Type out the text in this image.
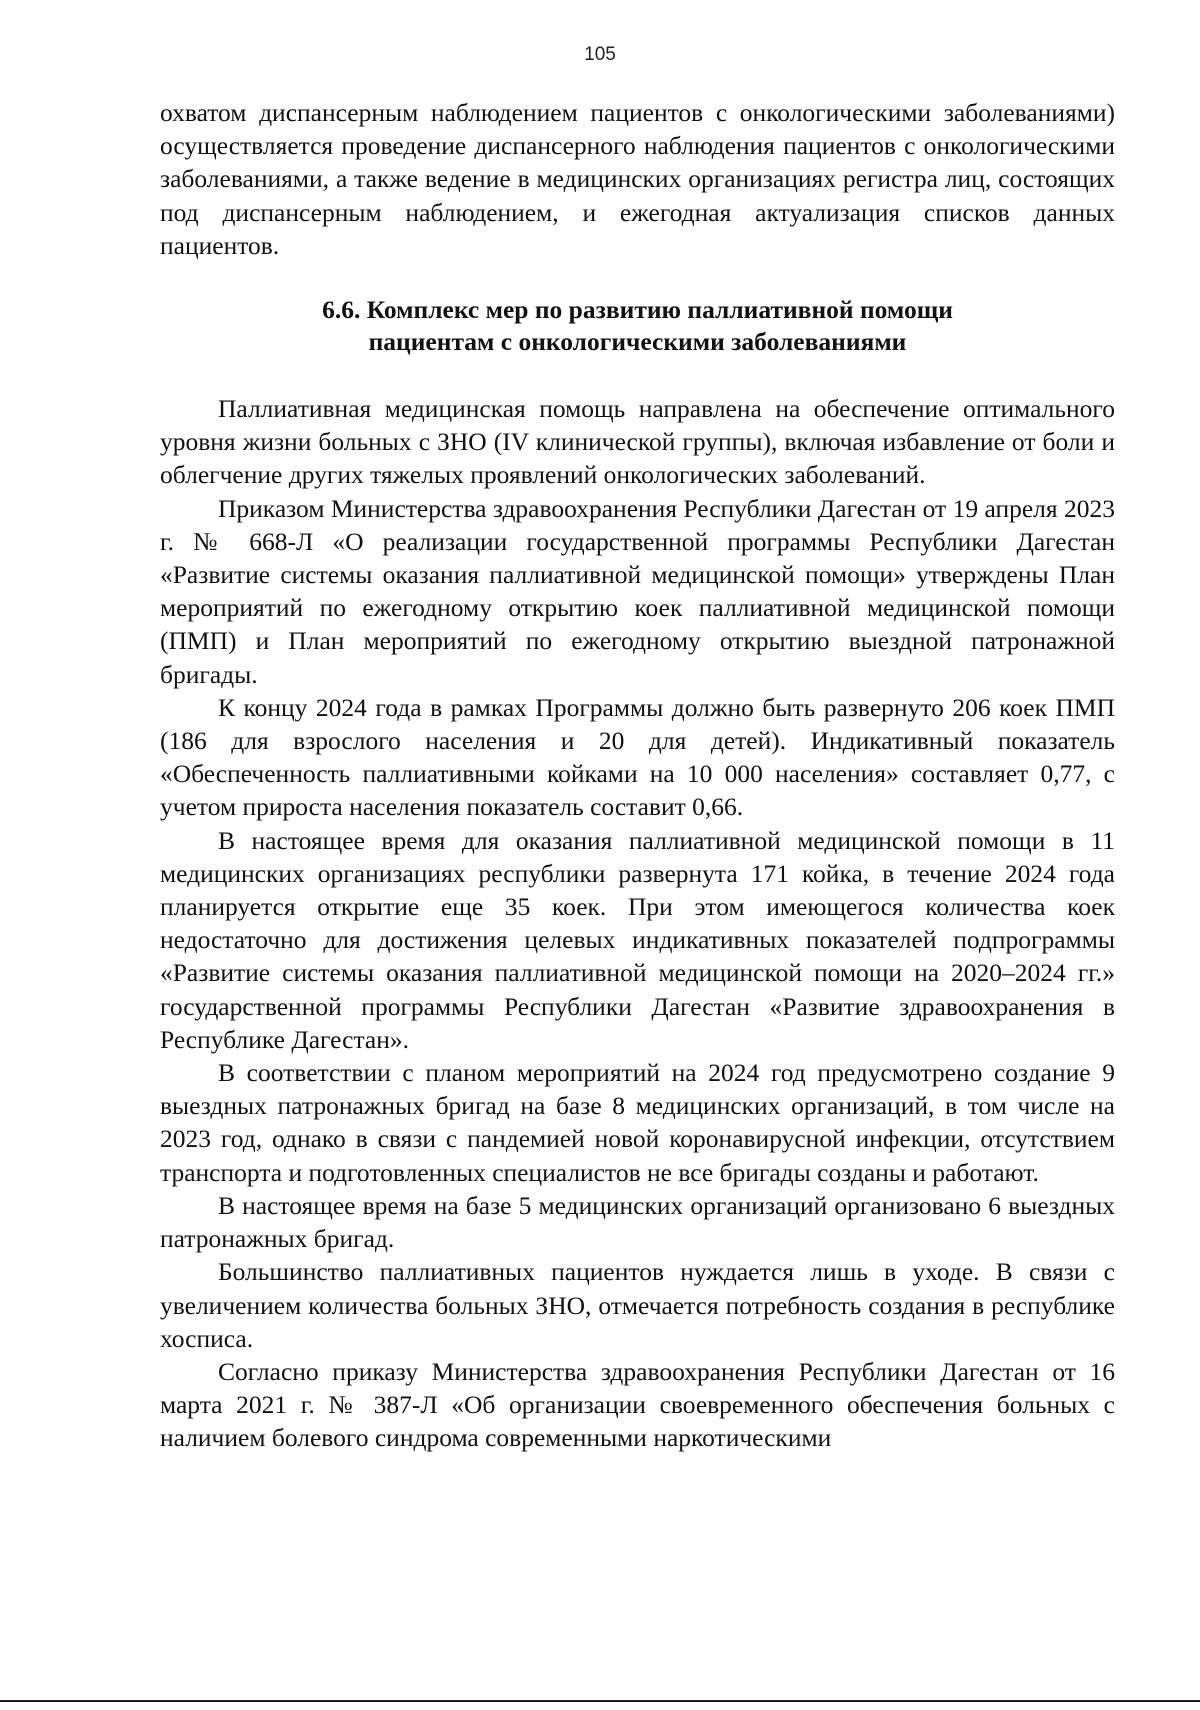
105

охватом диспансерным наблюдением пациентов с онкологическими заболеваниями) осуществляется проведение диспансерного наблюдения пациентов с онкологическими заболеваниями, а также ведение в медицинских организациях регистра лиц, состоящих под диспансерным наблюдением, и ежегодная актуализация списков данных пациентов.

6.6. Комплекс мер по развитию паллиативной помощи
пациентам с онкологическими заболеваниями

Паллиативная медицинская помощь направлена на обеспечение оптимального уровня жизни больных с ЗНО (IV клинической группы), включая избавление от боли и облегчение других тяжелых проявлений онкологических заболеваний.

Приказом Министерства здравоохранения Республики Дагестан от 19 апреля 2023 г. № 668-Л «О реализации государственной программы Республики Дагестан «Развитие системы оказания паллиативной медицинской помощи» утверждены План мероприятий по ежегодному открытию коек паллиативной медицинской помощи (ПМП) и План мероприятий по ежегодному открытию выездной патронажной бригады.

К концу 2024 года в рамках Программы должно быть развернуто 206 коек ПМП (186 для взрослого населения и 20 для детей). Индикативный показатель «Обеспеченность паллиативными койками на 10 000 населения» составляет 0,77, с учетом прироста населения показатель составит 0,66.

В настоящее время для оказания паллиативной медицинской помощи в 11 медицинских организациях республики развернута 171 койка, в течение 2024 года планируется открытие еще 35 коек. При этом имеющегося количества коек недостаточно для достижения целевых индикативных показателей подпрограммы «Развитие системы оказания паллиативной медицинской помощи на 2020–2024 гг.» государственной программы Республики Дагестан «Развитие здравоохранения в Республике Дагестан».

В соответствии с планом мероприятий на 2024 год предусмотрено создание 9 выездных патронажных бригад на базе 8 медицинских организаций, в том числе на 2023 год, однако в связи с пандемией новой коронавирусной инфекции, отсутствием транспорта и подготовленных специалистов не все бригады созданы и работают.

В настоящее время на базе 5 медицинских организаций организовано 6 выездных патронажных бригад.

Большинство паллиативных пациентов нуждается лишь в уходе. В связи с увеличением количества больных ЗНО, отмечается потребность создания в республике хосписа.

Согласно приказу Министерства здравоохранения Республики Дагестан от 16 марта 2021 г. № 387-Л «Об организации своевременного обеспечения больных с наличием болевого синдрома современными наркотическими
